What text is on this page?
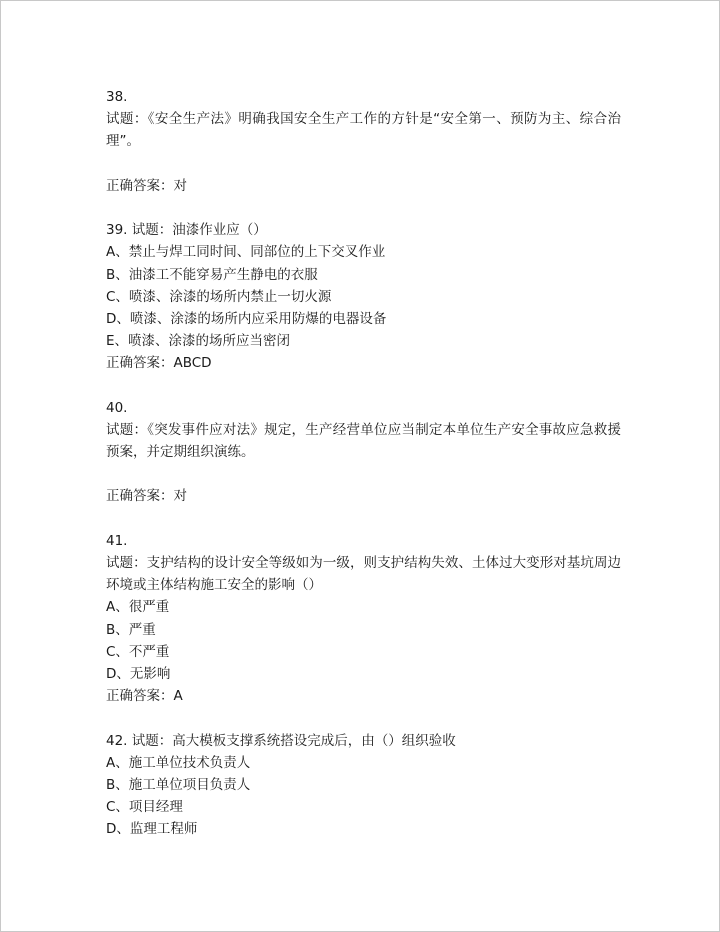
38.
试题：《安全生产法》明确我国安全生产工作的方针是“安全第一、预防为主、综合治理”。
正确答案：对
39. 试题：油漆作业应（）
A、禁止与焊工同时间、同部位的上下交叉作业
B、油漆工不能穿易产生静电的衣服
C、喷漆、涂漆的场所内禁止一切火源
D、喷漆、涂漆的场所内应采用防爆的电器设备
E、喷漆、涂漆的场所应当密闭
正确答案：ABCD
40.
试题：《突发事件应对法》规定，生产经营单位应当制定本单位生产安全事故应急救援预案，并定期组织演练。
正确答案：对
41.
试题：支护结构的设计安全等级如为一级，则支护结构失效、土体过大变形对基坑周边环境或主体结构施工安全的影响（）
A、很严重
B、严重
C、不严重
D、无影响
正确答案：A
42. 试题：高大模板支撑系统搭设完成后，由（）组织验收
A、施工单位技术负责人
B、施工单位项目负责人
C、项目经理
D、监理工程师
